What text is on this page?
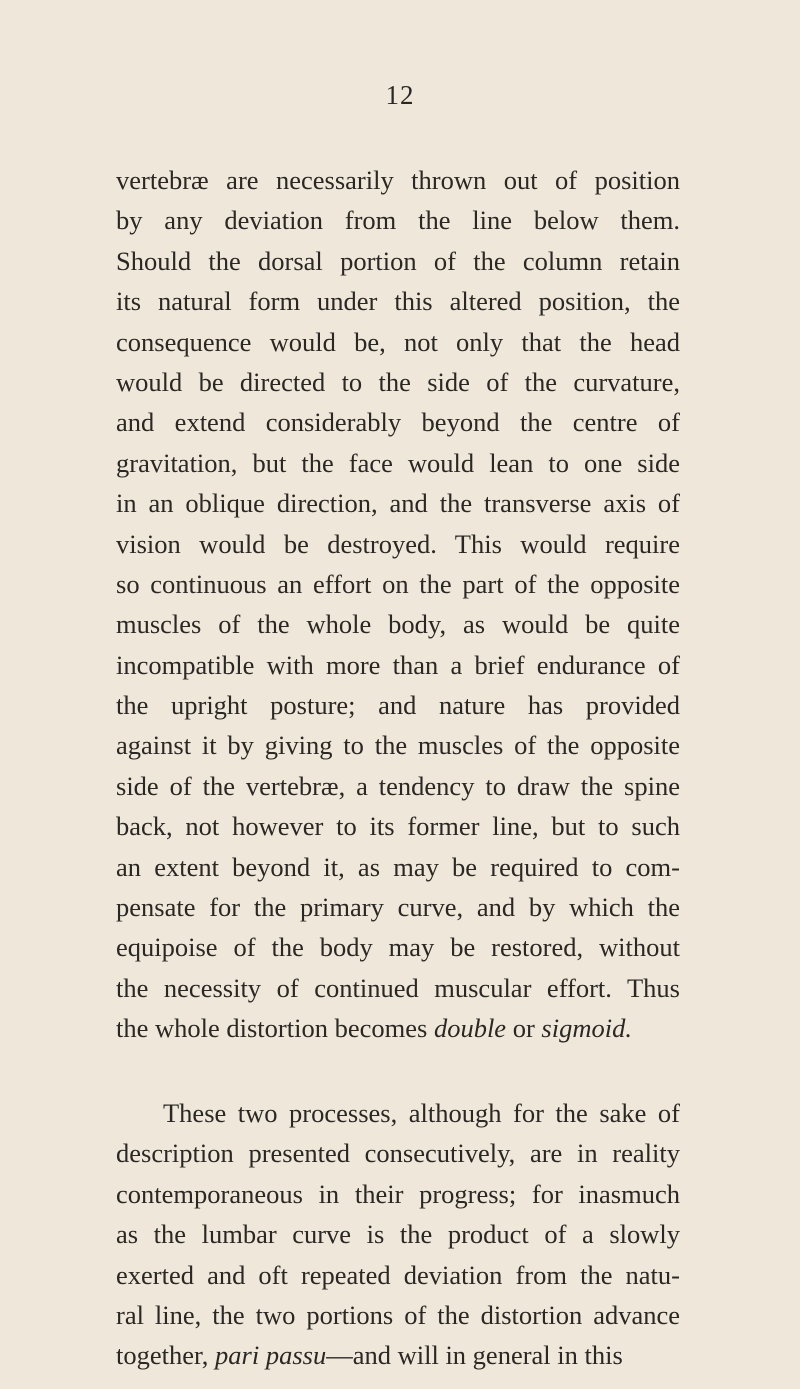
12
vertebræ are necessarily thrown out of position
by any deviation from the line below them.
Should the dorsal portion of the column retain
its natural form under this altered position, the
consequence would be, not only that the head
would be directed to the side of the curvature,
and extend considerably beyond the centre of
gravitation, but the face would lean to one side
in an oblique direction, and the transverse axis of
vision would be destroyed. This would require
so continuous an effort on the part of the opposite
muscles of the whole body, as would be quite
incompatible with more than a brief endurance of
the upright posture; and nature has provided
against it by giving to the muscles of the opposite
side of the vertebræ, a tendency to draw the spine
back, not however to its former line, but to such
an extent beyond it, as may be required to com-
pensate for the primary curve, and by which the
equipoise of the body may be restored, without
the necessity of continued muscular effort. Thus
the whole distortion becomes double or sigmoid.
These two processes, although for the sake of
description presented consecutively, are in reality
contemporaneous in their progress; for inasmuch
as the lumbar curve is the product of a slowly
exerted and oft repeated deviation from the natu-
ral line, the two portions of the distortion advance
together, pari passu—and will in general in this
